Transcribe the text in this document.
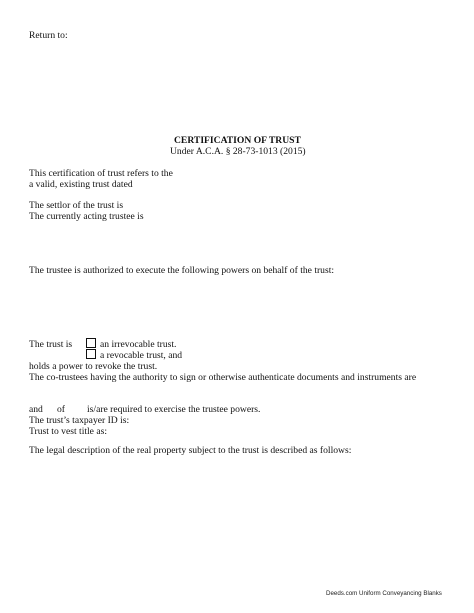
Return to:
CERTIFICATION OF TRUST
Under A.C.A. § 28-73-1013 (2015)
This certification of trust refers to the
a valid, existing trust dated
The settlor of the trust is
The currently acting trustee is
The trustee is authorized to execute the following powers on behalf of the trust:
The trust is	an irrevocable trust.
a revocable trust, and
holds a power to revoke the trust.
The co-trustees having the authority to sign or otherwise authenticate documents and instruments are
and of is/are required to exercise the trustee powers.
The trust’s taxpayer ID is:
Trust to vest title as:
The legal description of the real property subject to the trust is described as follows:
Deeds.com Uniform Conveyancing Blanks
